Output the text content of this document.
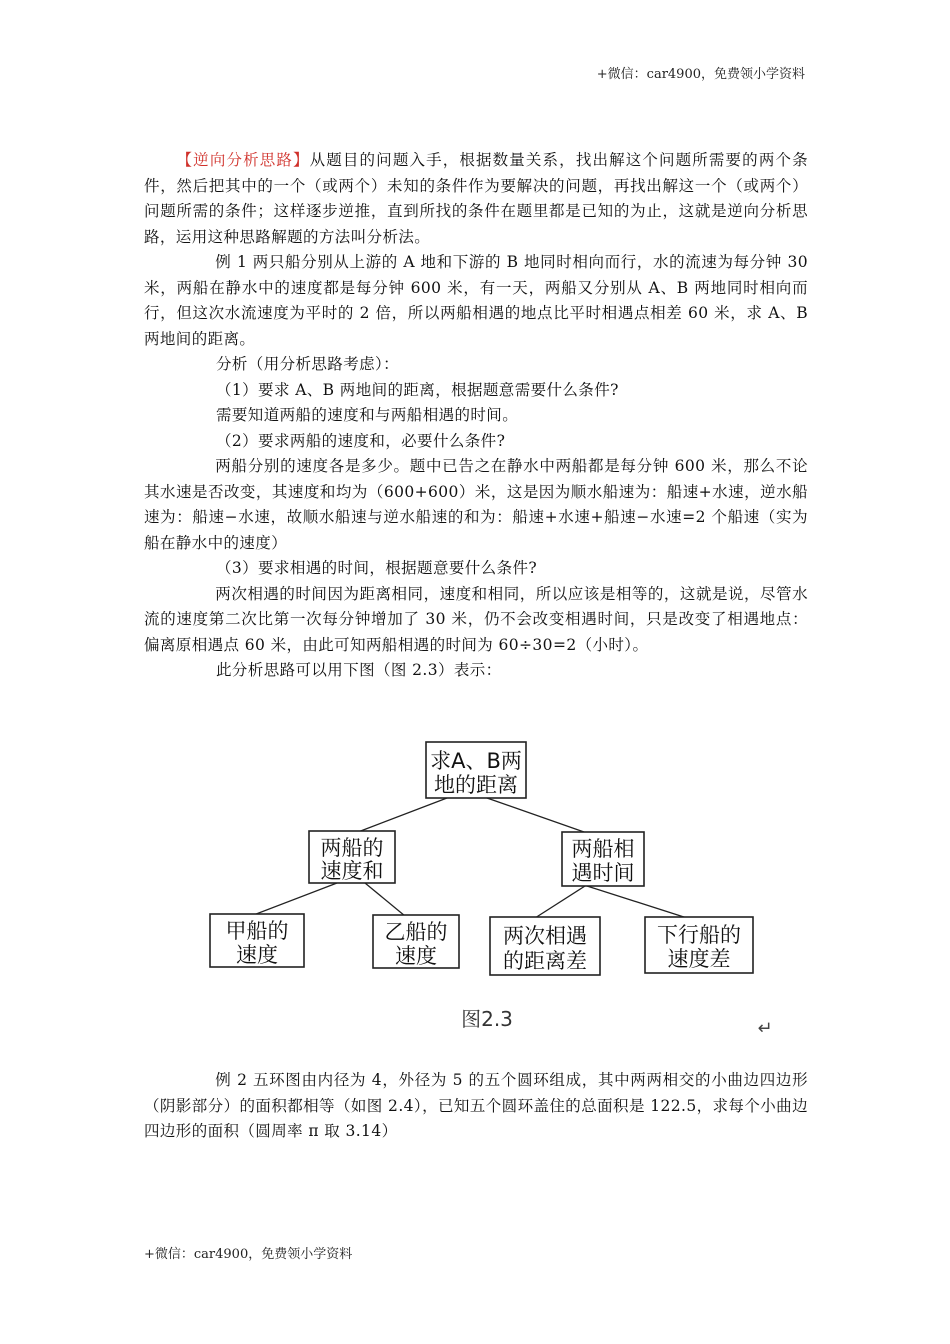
+微信：car4900，免费领小学资料

【逆向分析思路】从题目的问题入手，根据数量关系，找出解这个问题所需要的两个条件，然后把其中的一个（或两个）未知的条件作为要解决的问题，再找出解这一个（或两个）问题所需的条件；这样逐步逆推，直到所找的条件在题里都是已知的为止，这就是逆向分析思路，运用这种思路解题的方法叫分析法。

例 1 两只船分别从上游的 A 地和下游的 B 地同时相向而行，水的流速为每分钟 30 米，两船在静水中的速度都是每分钟 600 米，有一天，两船又分别从 A、B 两地同时相向而行，但这次水流速度为平时的 2 倍，所以两船相遇的地点比平时相遇点相差 60 米，求 A、B 两地间的距离。

分析（用分析思路考虑）：

（1）要求 A、B 两地间的距离，根据题意需要什么条件?

需要知道两船的速度和与两船相遇的时间。

（2）要求两船的速度和，必要什么条件?

两船分别的速度各是多少。题中已告之在静水中两船都是每分钟 600 米，那么不论其水速是否改变，其速度和均为（600+600）米，这是因为顺水船速为：船速+水速，逆水船速为：船速−水速，故顺水船速与逆水船速的和为：船速+水速+船速−水速=2 个船速（实为船在静水中的速度）

（3）要求相遇的时间，根据题意要什么条件?

两次相遇的时间因为距离相同，速度和相同，所以应该是相等的，这就是说，尽管水流的速度第二次比第一次每分钟增加了 30 米，仍不会改变相遇时间，只是改变了相遇地点：偏离原相遇点 60 米，由此可知两船相遇的时间为 60÷30=2（小时）。

此分析思路可以用下图（图 2.3）表示：

求A、B两
地的距离
两船的
速度和
两船相
遇时间
甲船的
速度
乙船的
速度
两次相遇
的距离差
下行船的
速度差
图2.3	↵

例 2 五环图由内径为 4，外径为 5 的五个圆环组成，其中两两相交的小曲边四边形（阴影部分）的面积都相等（如图 2.4），已知五个圆环盖住的总面积是 122.5，求每个小曲边四边形的面积（圆周率 π 取 3.14）

+微信：car4900，免费领小学资料
